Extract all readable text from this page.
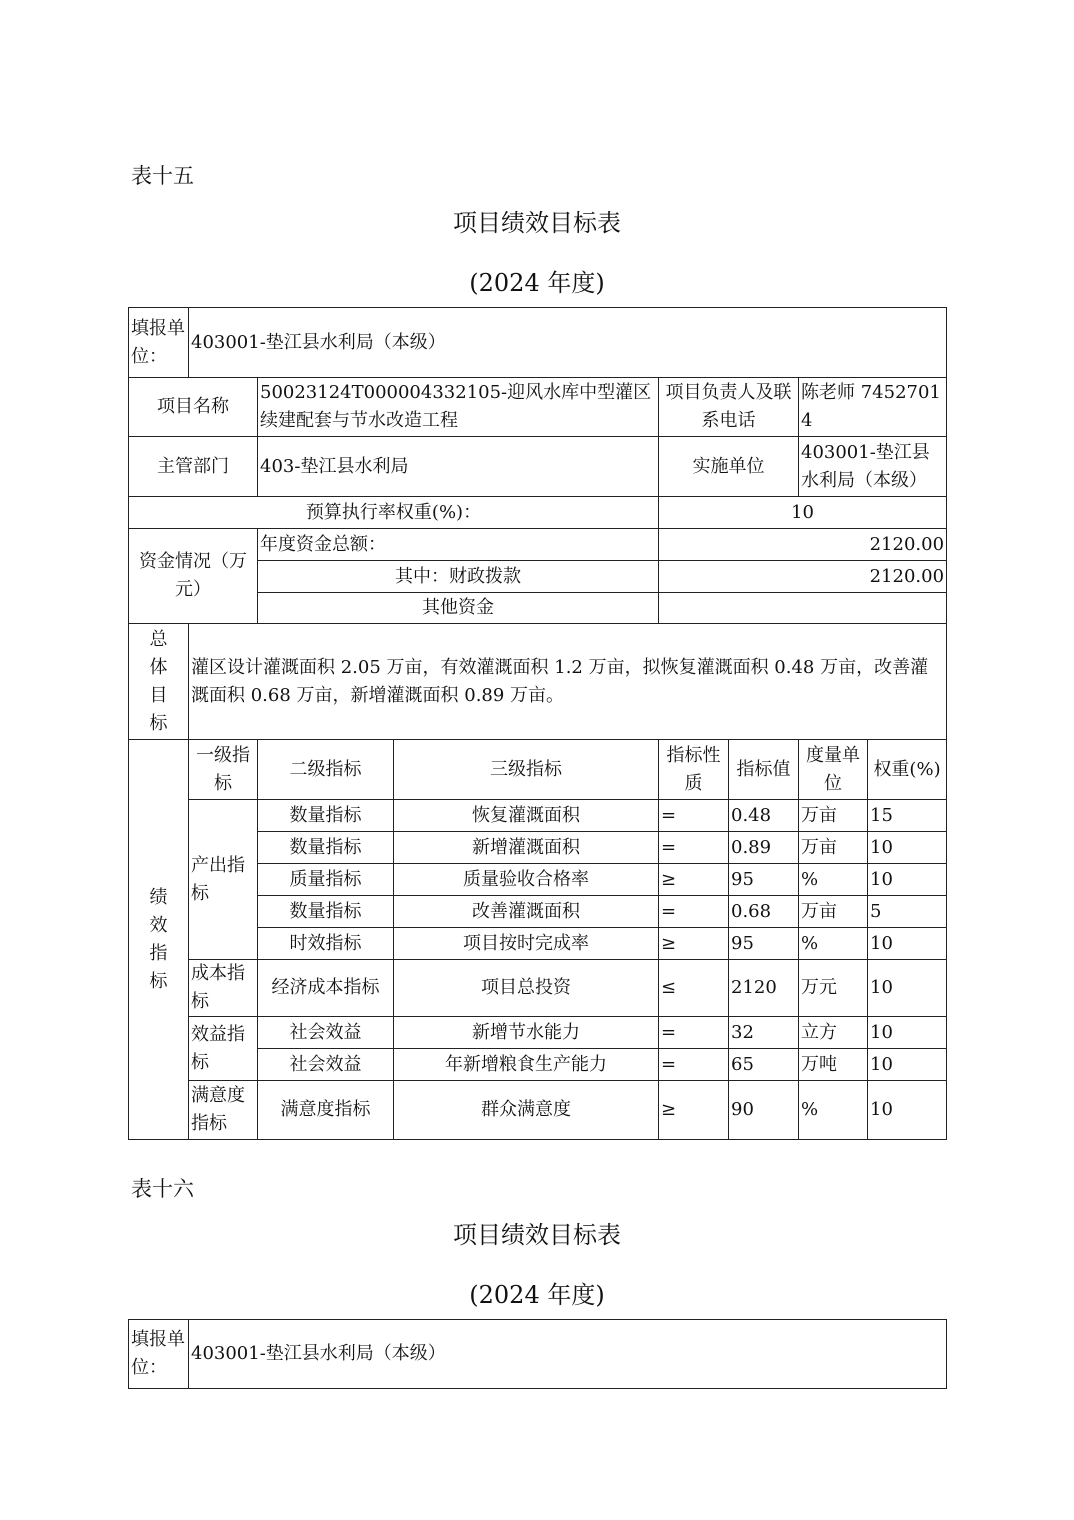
表十五
项目绩效目标表
(2024 年度)
填报单位：	403001-垫江县水利局（本级）						
项目名称		50023124T000004332105-迎风水库中型灌区续建配套与节水改造工程		项目负责人及联系电话		陈老师 74527014	
主管部门		403-垫江县水利局		实施单位		403001-垫江县水利局（本级）	
预算执行率权重(%)：				10			
资金情况（万元）		年度资金总额：		2120.00			
		其中：财政拨款		2120.00			
		其他资金					

总
体
目
标	灌区设计灌溉面积 2.05 万亩，有效灌溉面积 1.2 万亩，拟恢复灌溉面积 0.48 万亩，改善灌溉面积 0.68 万亩，新增灌溉面积 0.89 万亩。						

绩
效
指
标	一级指标	二级指标	三级指标	指标性质	指标值	度量单位	权重(%)
	产出指标	数量指标	恢复灌溉面积	=	0.48	万亩	15
		数量指标	新增灌溉面积	=	0.89	万亩	10
		质量指标	质量验收合格率	≥	95	%	10
		数量指标	改善灌溉面积	=	0.68	万亩	5
		时效指标	项目按时完成率	≥	95	%	10
	成本指标	经济成本指标	项目总投资	≤	2120	万元	10
	效益指标	社会效益	新增节水能力	=	32	立方	10
		社会效益	年新增粮食生产能力	=	65	万吨	10
	满意度指标	满意度指标	群众满意度	≥	90	%	10
表十六
项目绩效目标表
(2024 年度)
填报单位：	403001-垫江县水利局（本级）
